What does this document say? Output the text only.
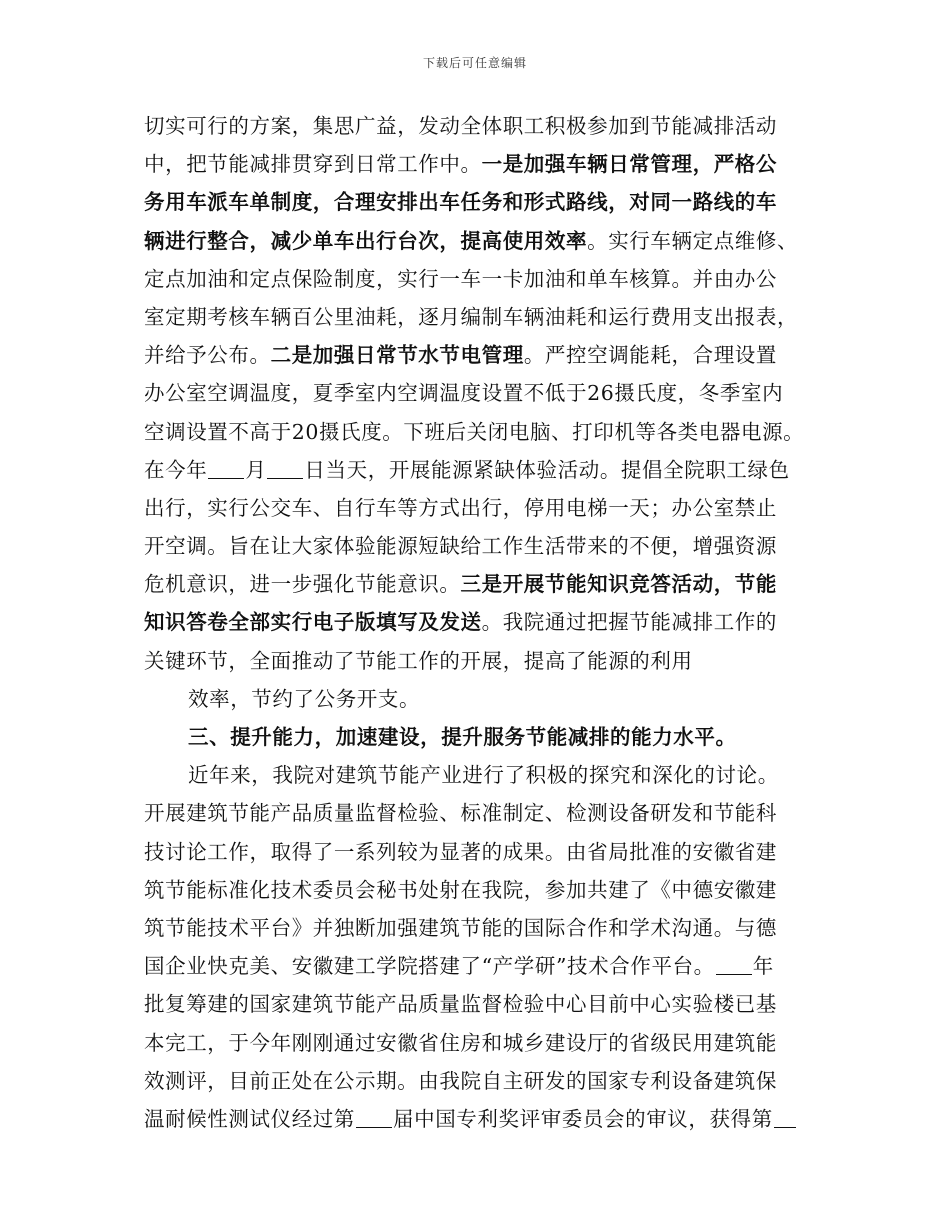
下载后可任意编辑
切实可行的方案，集思广益，发动全体职工积极参加到节能减排活动
中，把节能减排贯穿到日常工作中。一是加强车辆日常管理，严格公
务用车派车单制度，合理安排出车任务和形式路线，对同一路线的车
辆进行整合，减少单车出行台次，提高使用效率。实行车辆定点维修、
定点加油和定点保险制度，实行一车一卡加油和单车核算。并由办公
室定期考核车辆百公里油耗，逐月编制车辆油耗和运行费用支出报表，
并给予公布。二是加强日常节水节电管理。严控空调能耗，合理设置
办公室空调温度，夏季室内空调温度设置不低于26摄氏度，冬季室内
空调设置不高于20摄氏度。下班后关闭电脑、打印机等各类电器电源。
在今年 月 日当天，开展能源紧缺体验活动。提倡全院职工绿色
出行，实行公交车、自行车等方式出行，停用电梯一天；办公室禁止
开空调。旨在让大家体验能源短缺给工作生活带来的不便，增强资源
危机意识，进一步强化节能意识。三是开展节能知识竞答活动，节能
知识答卷全部实行电子版填写及发送。我院通过把握节能减排工作的
关键环节，全面推动了节能工作的开展，提高了能源的利用
效率，节约了公务开支。
三、提升能力，加速建设，提升服务节能减排的能力水平。
近年来，我院对建筑节能产业进行了积极的探究和深化的讨论。
开展建筑节能产品质量监督检验、标准制定、检测设备研发和节能科
技讨论工作，取得了一系列较为显著的成果。由省局批准的安徽省建
筑节能标准化技术委员会秘书处射在我院，参加共建了《中德安徽建
筑节能技术平台》并独断加强建筑节能的国际合作和学术沟通。与德
国企业快克美、安徽建工学院搭建了“产学研”技术合作平台。 年
批复筹建的国家建筑节能产品质量监督检验中心目前中心实验楼已基
本完工，于今年刚刚通过安徽省住房和城乡建设厅的省级民用建筑能
效测评，目前正处在公示期。由我院自主研发的国家专利设备建筑保
温耐候性测试仪经过第 届中国专利奖评审委员会的审议，获得第
